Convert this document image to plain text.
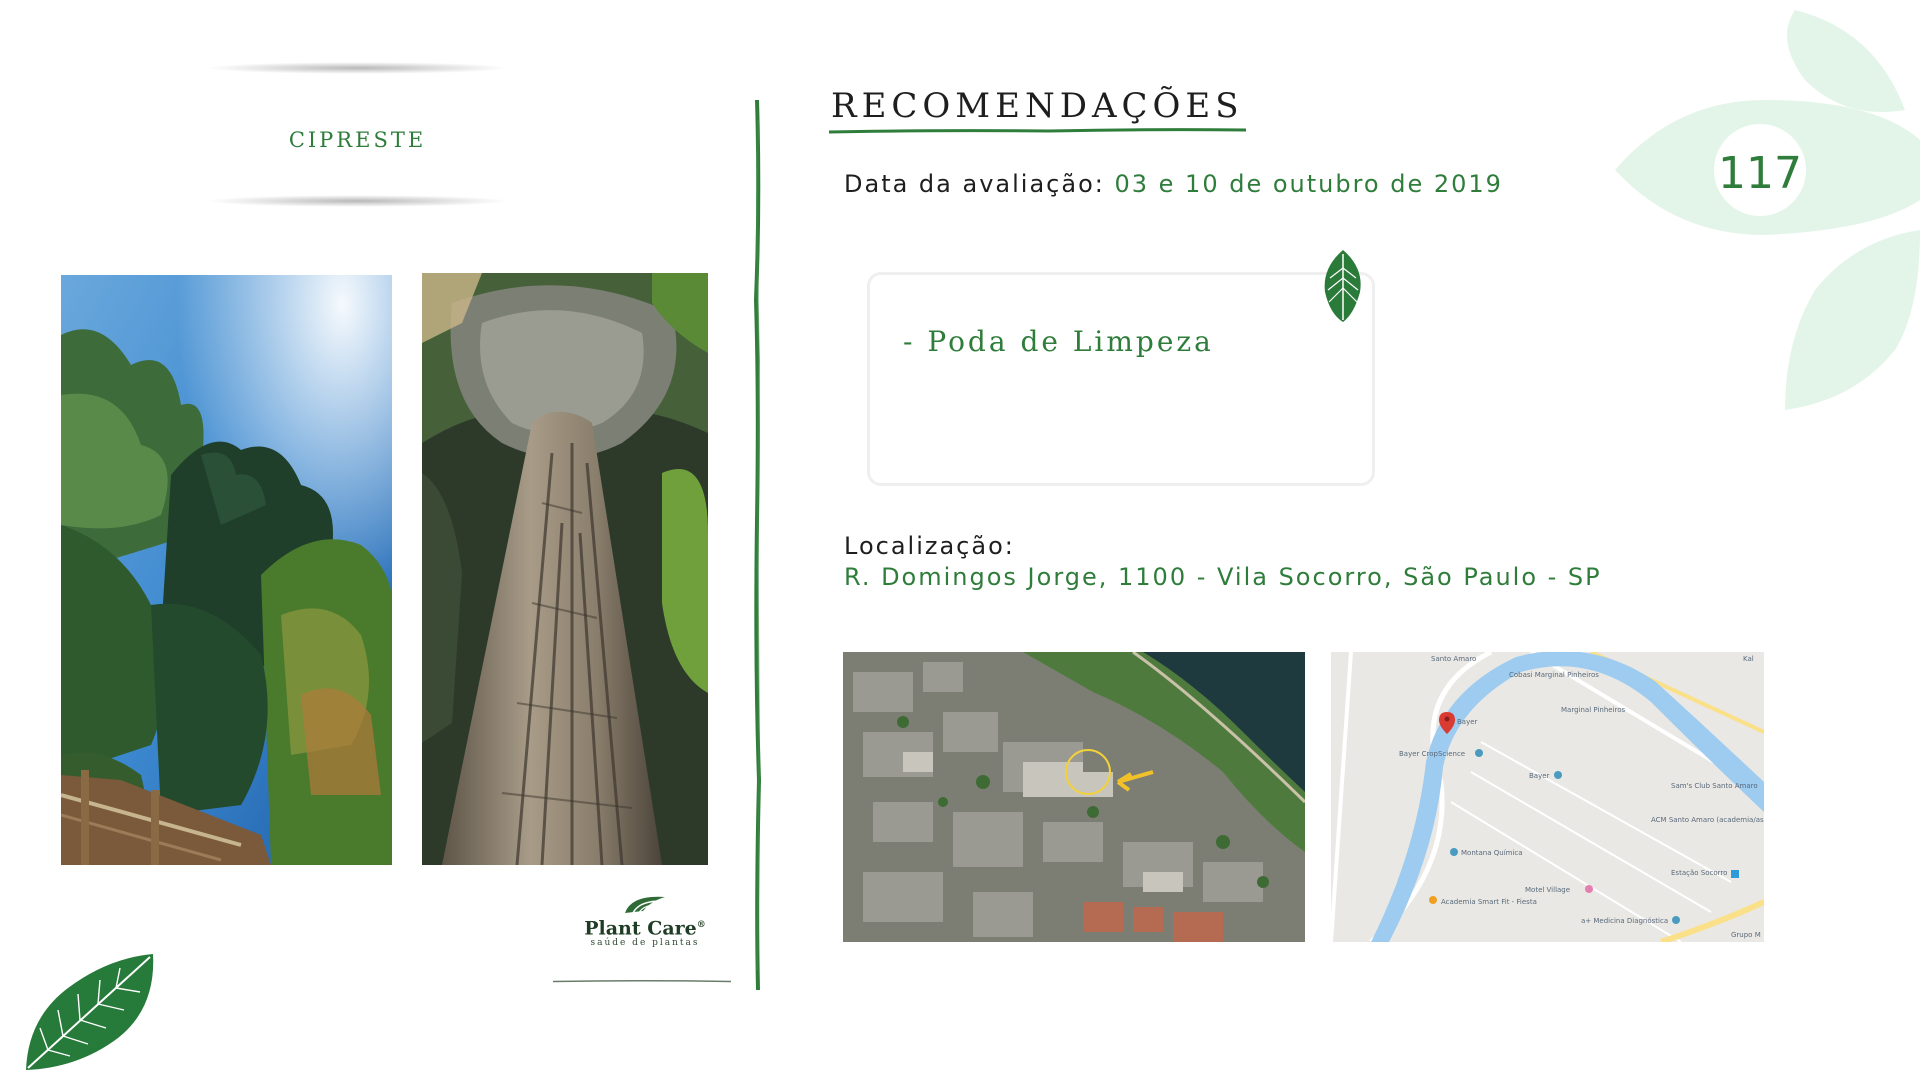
CIPRESTE
Plant Care®
saúde de plantas
RECOMENDAÇÕES
Data da avaliação: 03 e 10 de outubro de 2019
- Poda de Limpeza
Localização:
R. Domingos Jorge, 1100 - Vila Socorro, São Paulo - SP
Santo Amaro
Cobasi Marginal Pinheiros
Bayer
Bayer CropScience
Bayer
Marginal Pinheiros
Sam's Club Santo Amaro
ACM Santo Amaro (academia/as
Estação Socorro
Montana Química
Academia Smart Fit - Fiesta
Motel Village
a+ Medicina Diagnóstica
Grupo M
Kal
117
